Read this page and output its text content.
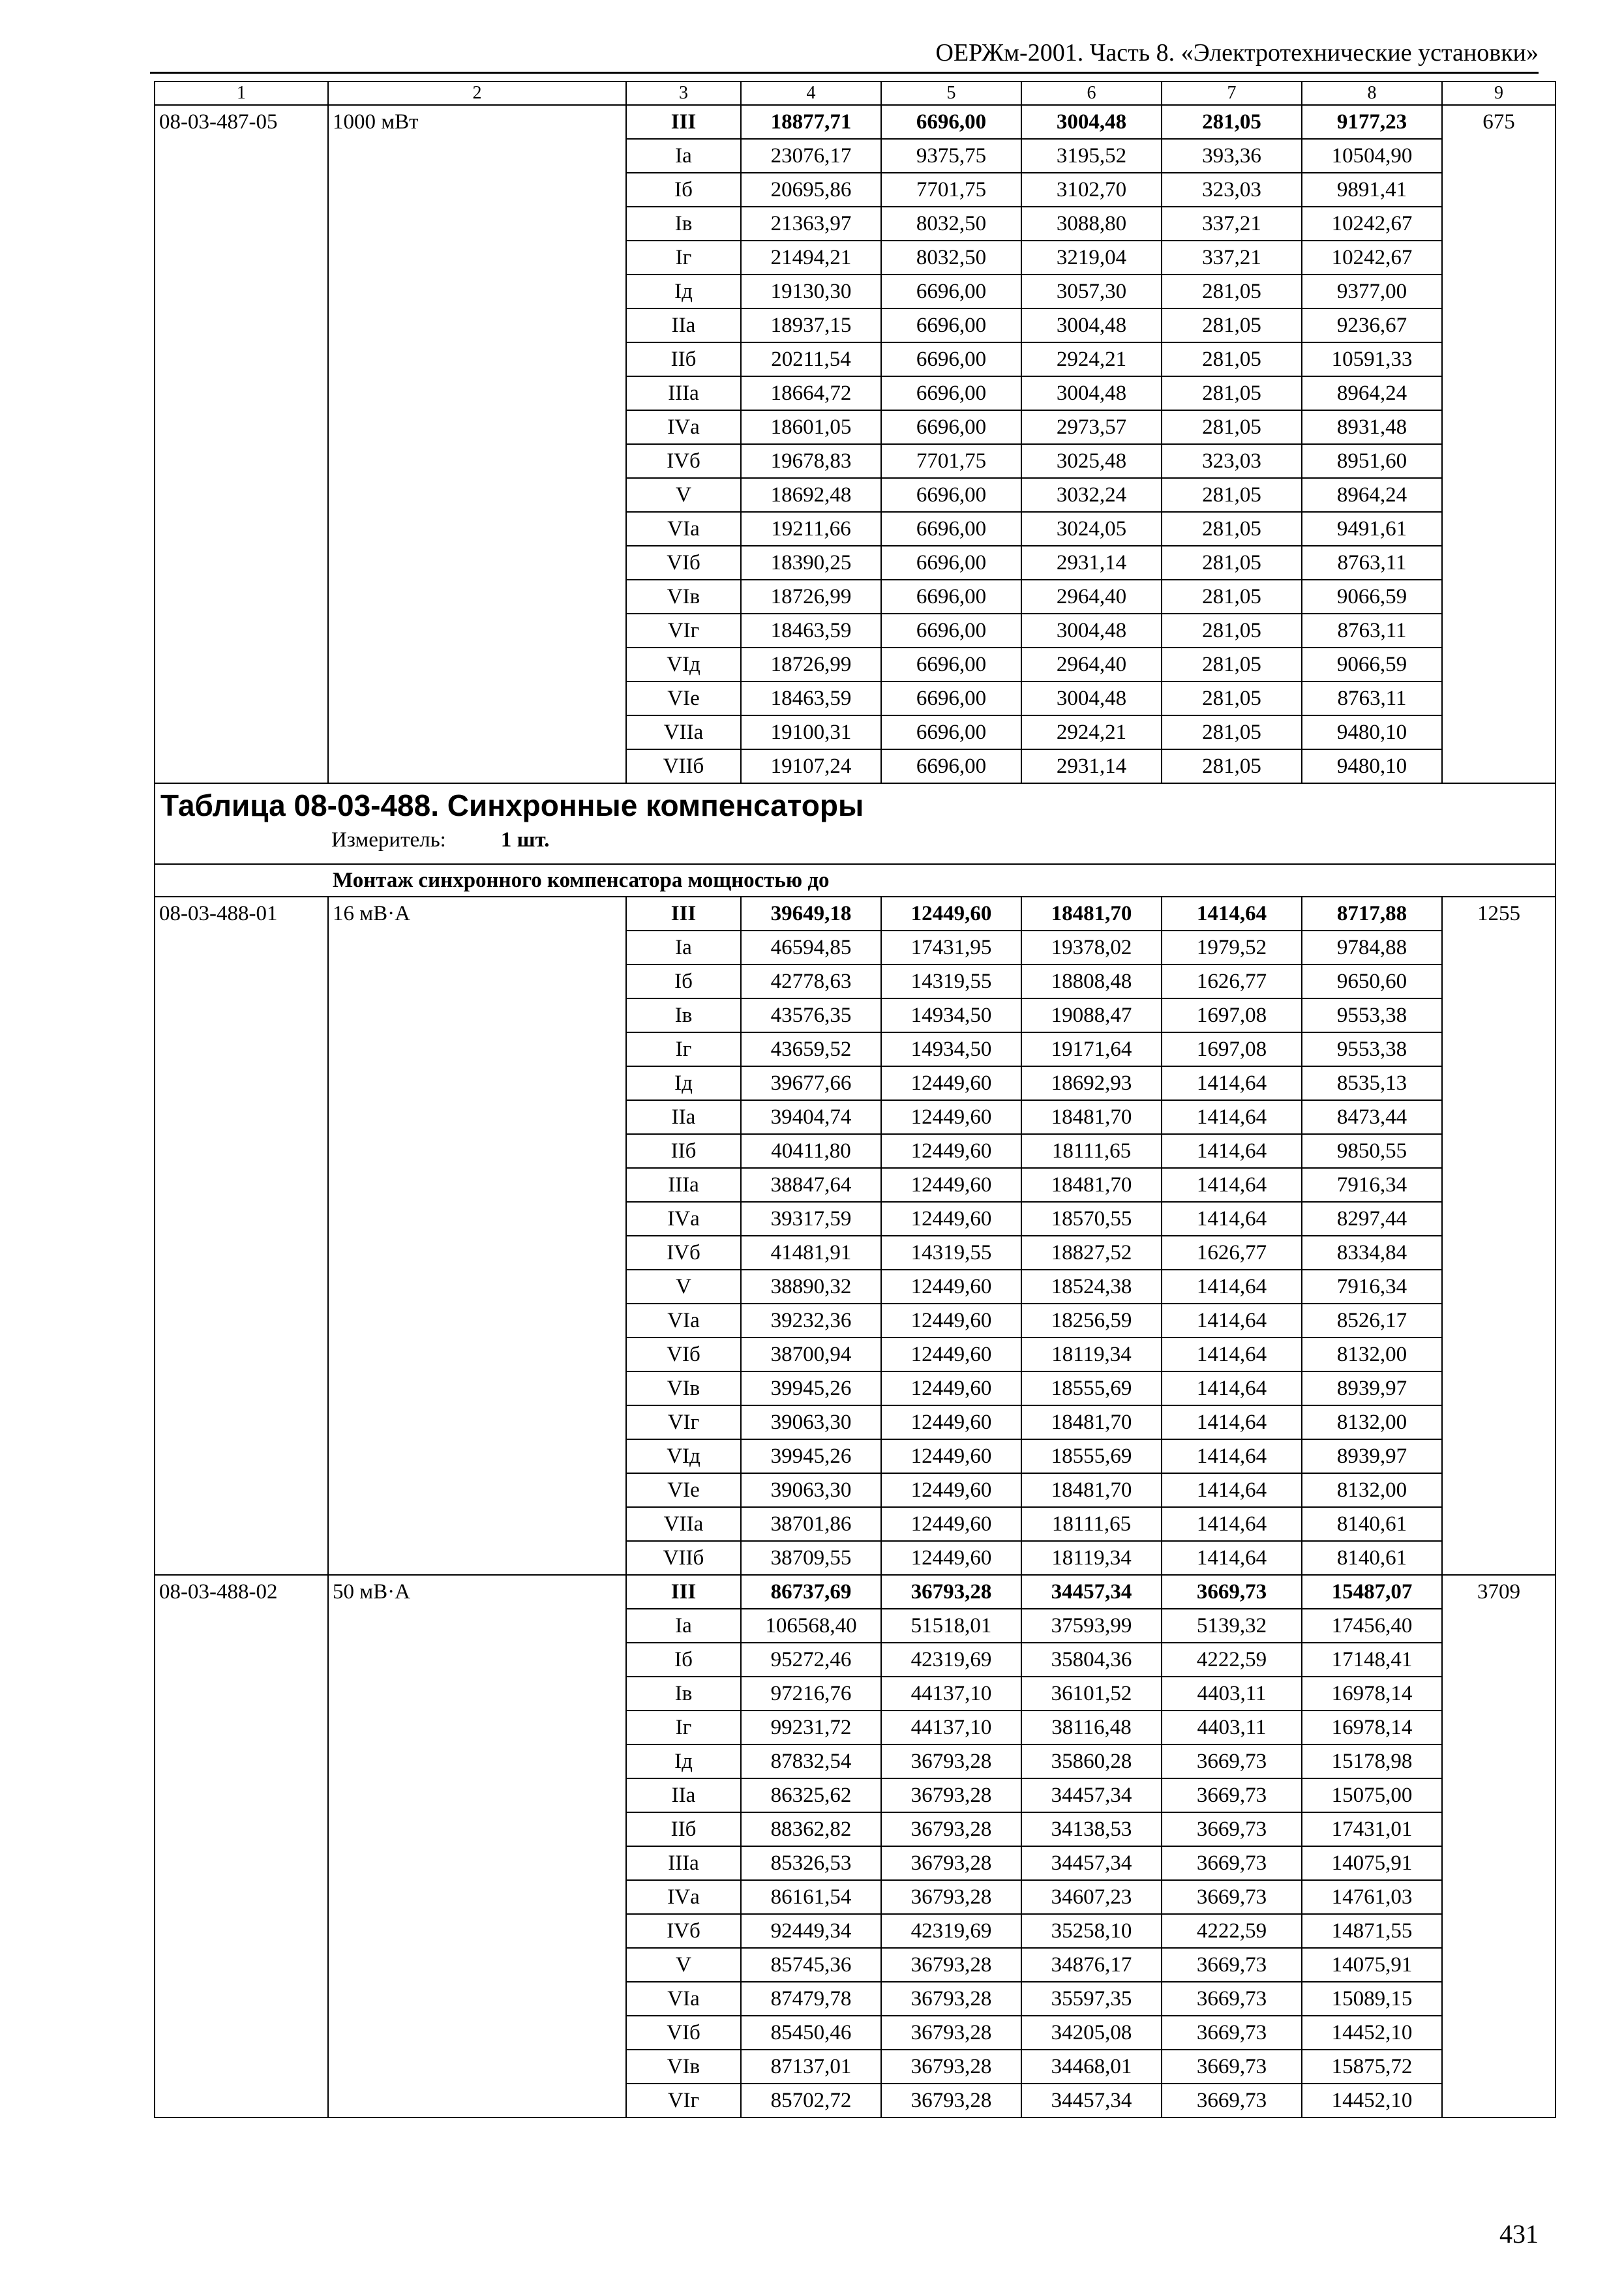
ОЕРЖм-2001. Часть 8. «Электротехнические установки»
1	2	3	4	5	6	7	8	9
08-03-487-05	1000 мВт	III	18877,71	6696,00	3004,48	281,05	9177,23	675
		Iа	23076,17	9375,75	3195,52	393,36	10504,90	
		Iб	20695,86	7701,75	3102,70	323,03	9891,41	
		Iв	21363,97	8032,50	3088,80	337,21	10242,67	
		Iг	21494,21	8032,50	3219,04	337,21	10242,67	
		Iд	19130,30	6696,00	3057,30	281,05	9377,00	
		IIа	18937,15	6696,00	3004,48	281,05	9236,67	
		IIб	20211,54	6696,00	2924,21	281,05	10591,33	
		IIIа	18664,72	6696,00	3004,48	281,05	8964,24	
		IVа	18601,05	6696,00	2973,57	281,05	8931,48	
		IVб	19678,83	7701,75	3025,48	323,03	8951,60	
		V	18692,48	6696,00	3032,24	281,05	8964,24	
		VIа	19211,66	6696,00	3024,05	281,05	9491,61	
		VIб	18390,25	6696,00	2931,14	281,05	8763,11	
		VIв	18726,99	6696,00	2964,40	281,05	9066,59	
		VIг	18463,59	6696,00	3004,48	281,05	8763,11	
		VIд	18726,99	6696,00	2964,40	281,05	9066,59	
		VIе	18463,59	6696,00	3004,48	281,05	8763,11	
		VIIа	19100,31	6696,00	2924,21	281,05	9480,10	
		VIIб	19107,24	6696,00	2931,14	281,05	9480,10	

Таблица 08-03-488. Синхронные компенсаторы
Измеритель: 1 шт.								

Монтаж синхронного компенсатора мощностью до								
08-03-488-01	16 мВ·А	III	39649,18	12449,60	18481,70	1414,64	8717,88	1255
		Iа	46594,85	17431,95	19378,02	1979,52	9784,88	
		Iб	42778,63	14319,55	18808,48	1626,77	9650,60	
		Iв	43576,35	14934,50	19088,47	1697,08	9553,38	
		Iг	43659,52	14934,50	19171,64	1697,08	9553,38	
		Iд	39677,66	12449,60	18692,93	1414,64	8535,13	
		IIа	39404,74	12449,60	18481,70	1414,64	8473,44	
		IIб	40411,80	12449,60	18111,65	1414,64	9850,55	
		IIIа	38847,64	12449,60	18481,70	1414,64	7916,34	
		IVа	39317,59	12449,60	18570,55	1414,64	8297,44	
		IVб	41481,91	14319,55	18827,52	1626,77	8334,84	
		V	38890,32	12449,60	18524,38	1414,64	7916,34	
		VIа	39232,36	12449,60	18256,59	1414,64	8526,17	
		VIб	38700,94	12449,60	18119,34	1414,64	8132,00	
		VIв	39945,26	12449,60	18555,69	1414,64	8939,97	
		VIг	39063,30	12449,60	18481,70	1414,64	8132,00	
		VIд	39945,26	12449,60	18555,69	1414,64	8939,97	
		VIе	39063,30	12449,60	18481,70	1414,64	8132,00	
		VIIа	38701,86	12449,60	18111,65	1414,64	8140,61	
		VIIб	38709,55	12449,60	18119,34	1414,64	8140,61	
08-03-488-02	50 мВ·А	III	86737,69	36793,28	34457,34	3669,73	15487,07	3709
		Iа	106568,40	51518,01	37593,99	5139,32	17456,40	
		Iб	95272,46	42319,69	35804,36	4222,59	17148,41	
		Iв	97216,76	44137,10	36101,52	4403,11	16978,14	
		Iг	99231,72	44137,10	38116,48	4403,11	16978,14	
		Iд	87832,54	36793,28	35860,28	3669,73	15178,98	
		IIа	86325,62	36793,28	34457,34	3669,73	15075,00	
		IIб	88362,82	36793,28	34138,53	3669,73	17431,01	
		IIIа	85326,53	36793,28	34457,34	3669,73	14075,91	
		IVа	86161,54	36793,28	34607,23	3669,73	14761,03	
		IVб	92449,34	42319,69	35258,10	4222,59	14871,55	
		V	85745,36	36793,28	34876,17	3669,73	14075,91	
		VIа	87479,78	36793,28	35597,35	3669,73	15089,15	
		VIб	85450,46	36793,28	34205,08	3669,73	14452,10	
		VIв	87137,01	36793,28	34468,01	3669,73	15875,72	
		VIг	85702,72	36793,28	34457,34	3669,73	14452,10	
431
